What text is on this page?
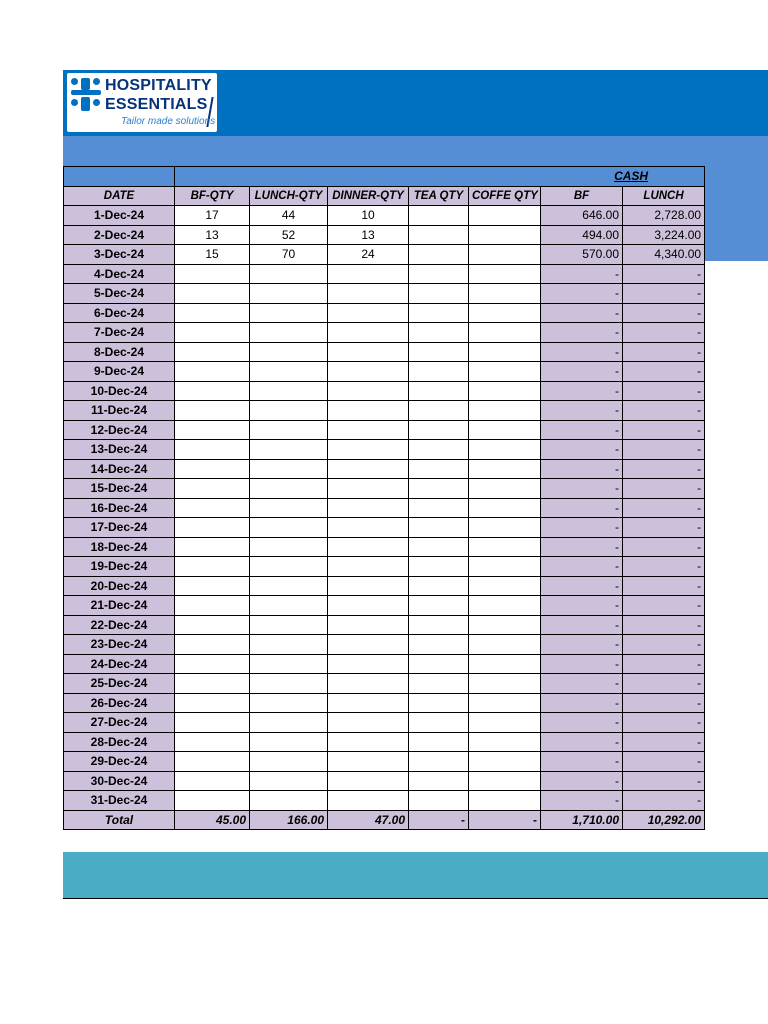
HOSPITALITY
ESSENTIALS
Tailor made solutions
	CASH						
DATE	BF-QTY	LUNCH-QTY	DINNER-QTY	TEA QTY	COFFE QTY	BF	LUNCH
1-Dec-24	17	44	10			646.00	2,728.00
2-Dec-24	13	52	13			494.00	3,224.00
3-Dec-24	15	70	24			570.00	4,340.00
4-Dec-24						-	-
5-Dec-24						-	-
6-Dec-24						-	-
7-Dec-24						-	-
8-Dec-24						-	-
9-Dec-24						-	-
10-Dec-24						-	-
11-Dec-24						-	-
12-Dec-24						-	-
13-Dec-24						-	-
14-Dec-24						-	-
15-Dec-24						-	-
16-Dec-24						-	-
17-Dec-24						-	-
18-Dec-24						-	-
19-Dec-24						-	-
20-Dec-24						-	-
21-Dec-24						-	-
22-Dec-24						-	-
23-Dec-24						-	-
24-Dec-24						-	-
25-Dec-24						-	-
26-Dec-24						-	-
27-Dec-24						-	-
28-Dec-24						-	-
29-Dec-24						-	-
30-Dec-24						-	-
31-Dec-24						-	-
Total	45.00	166.00	47.00	-	-	1,710.00	10,292.00
